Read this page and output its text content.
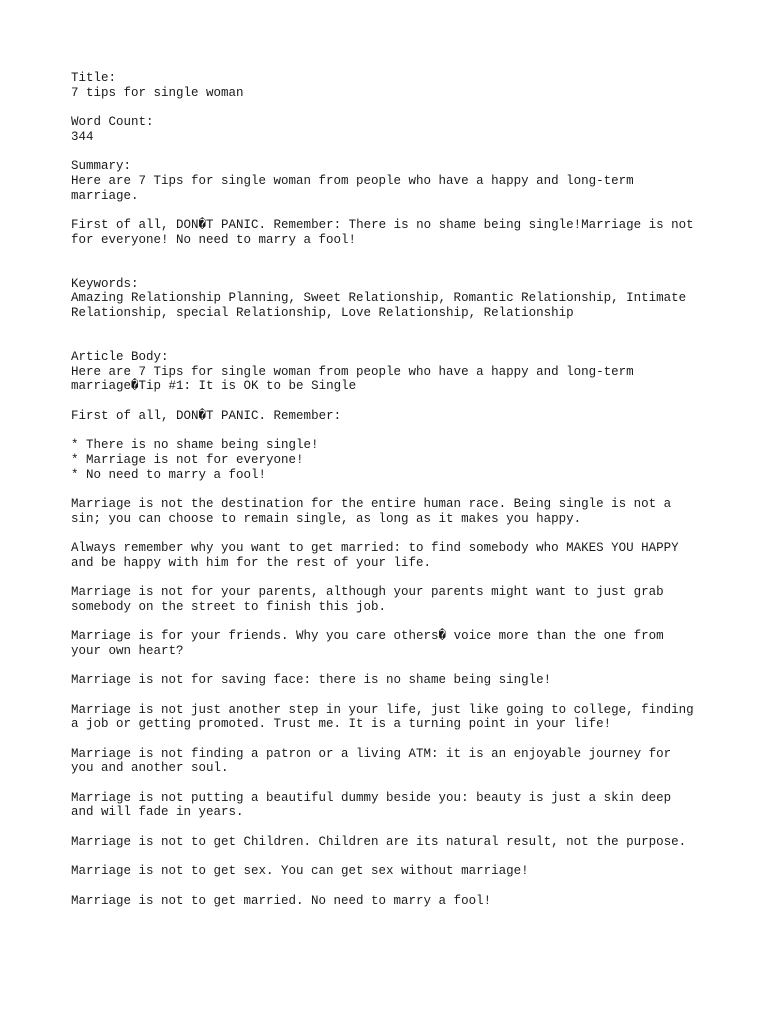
Title:
7 tips for single woman
Word Count:
344
Summary:
Here are 7 Tips for single woman from people who have a happy and long-term
marriage.
First of all, DON�T PANIC. Remember: There is no shame being single!Marriage is not
for everyone! No need to marry a fool!
Keywords:
Amazing Relationship Planning, Sweet Relationship, Romantic Relationship, Intimate
Relationship, special Relationship, Love Relationship, Relationship
Article Body:
Here are 7 Tips for single woman from people who have a happy and long-term
marriage�Tip #1: It is OK to be Single
First of all, DON�T PANIC. Remember:
* There is no shame being single!
* Marriage is not for everyone!
* No need to marry a fool!
Marriage is not the destination for the entire human race. Being single is not a
sin; you can choose to remain single, as long as it makes you happy.
Always remember why you want to get married: to find somebody who MAKES YOU HAPPY
and be happy with him for the rest of your life.
Marriage is not for your parents, although your parents might want to just grab
somebody on the street to finish this job.
Marriage is for your friends. Why you care others� voice more than the one from
your own heart?
Marriage is not for saving face: there is no shame being single!
Marriage is not just another step in your life, just like going to college, finding
a job or getting promoted. Trust me. It is a turning point in your life!
Marriage is not finding a patron or a living ATM: it is an enjoyable journey for
you and another soul.
Marriage is not putting a beautiful dummy beside you: beauty is just a skin deep
and will fade in years.
Marriage is not to get Children. Children are its natural result, not the purpose.
Marriage is not to get sex. You can get sex without marriage!
Marriage is not to get married. No need to marry a fool!
